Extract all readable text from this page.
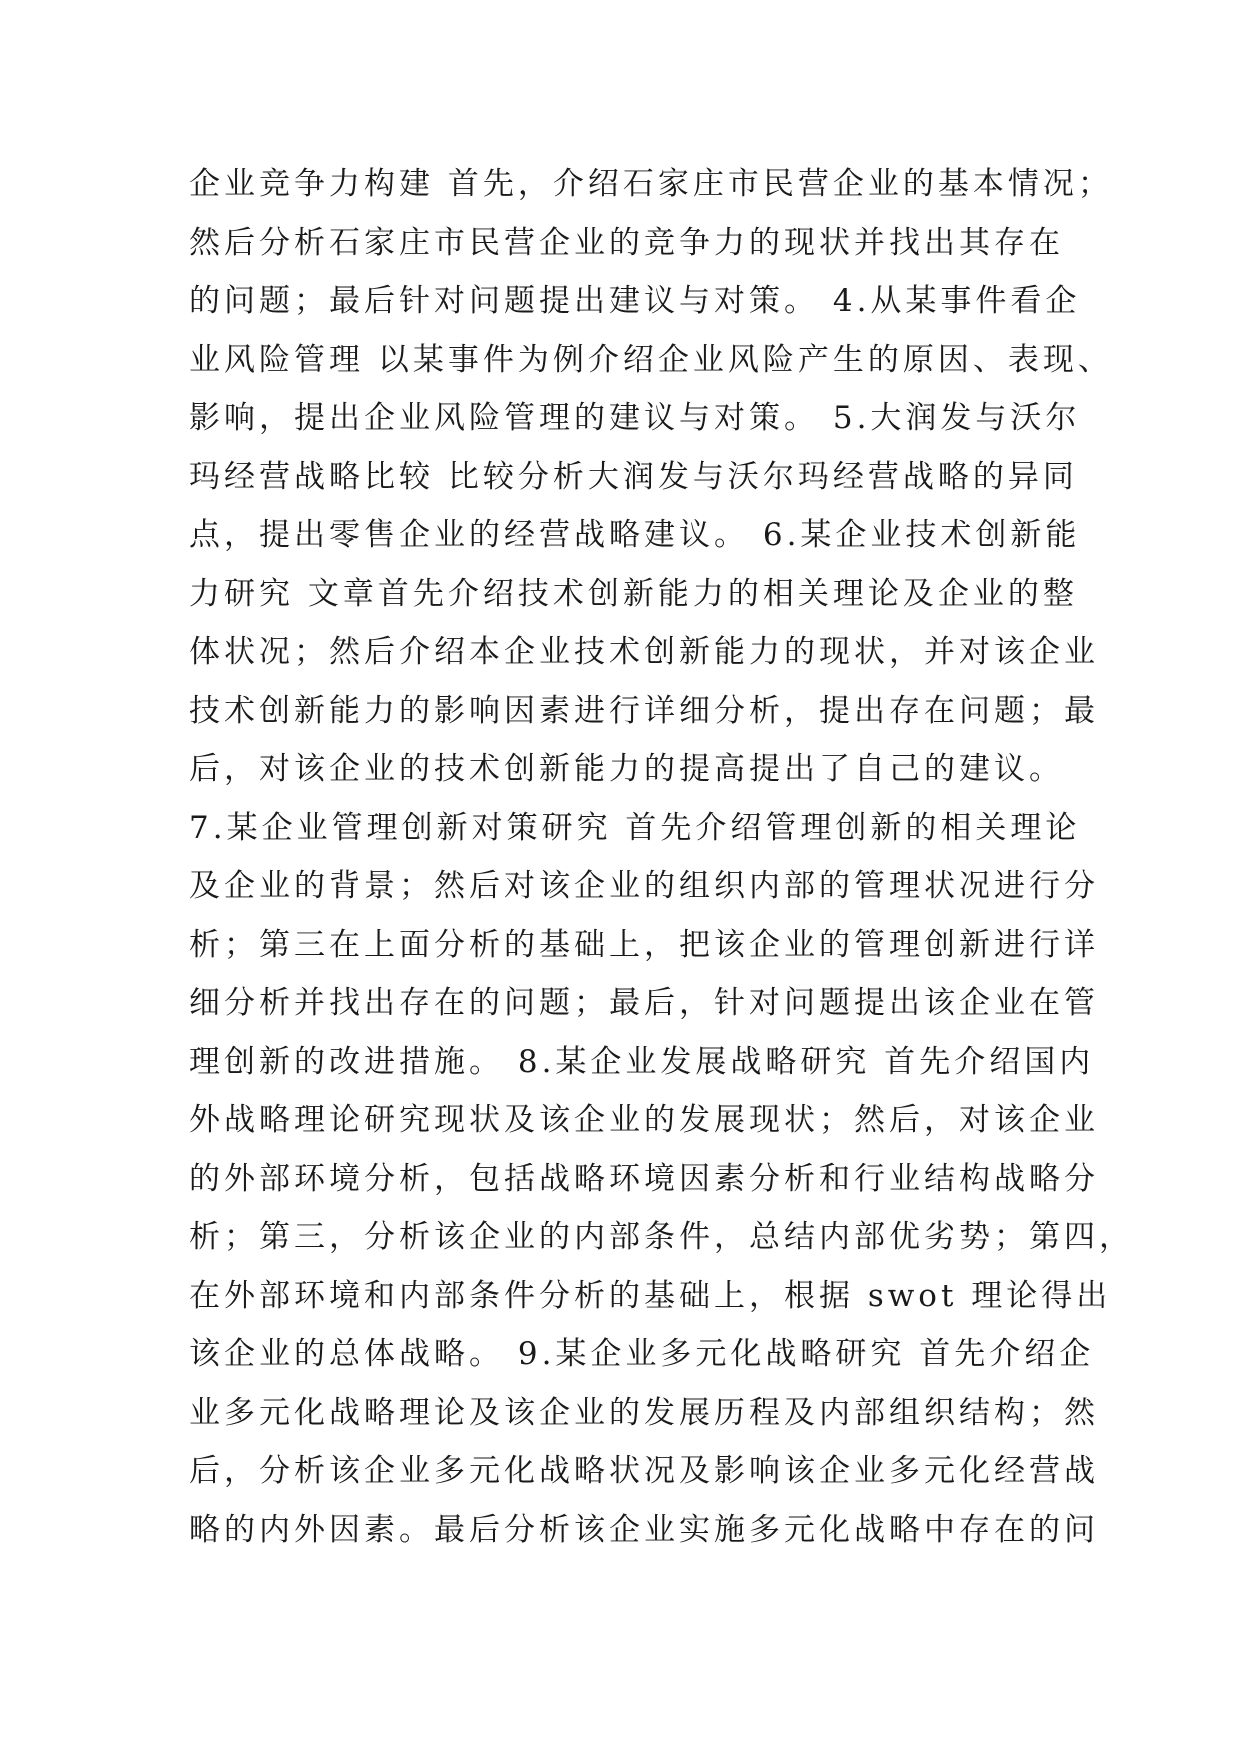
企业竞争力构建 首先，介绍石家庄市民营企业的基本情况；
然后分析石家庄市民营企业的竞争力的现状并找出其存在
的问题；最后针对问题提出建议与对策。 4.从某事件看企
业风险管理 以某事件为例介绍企业风险产生的原因、表现、
影响，提出企业风险管理的建议与对策。 5.大润发与沃尔
玛经营战略比较 比较分析大润发与沃尔玛经营战略的异同
点，提出零售企业的经营战略建议。 6.某企业技术创新能
力研究 文章首先介绍技术创新能力的相关理论及企业的整
体状况；然后介绍本企业技术创新能力的现状，并对该企业
技术创新能力的影响因素进行详细分析，提出存在问题；最
后，对该企业的技术创新能力的提高提出了自己的建议。
7.某企业管理创新对策研究 首先介绍管理创新的相关理论
及企业的背景；然后对该企业的组织内部的管理状况进行分
析；第三在上面分析的基础上，把该企业的管理创新进行详
细分析并找出存在的问题；最后，针对问题提出该企业在管
理创新的改进措施。 8.某企业发展战略研究 首先介绍国内
外战略理论研究现状及该企业的发展现状；然后，对该企业
的外部环境分析，包括战略环境因素分析和行业结构战略分
析；第三，分析该企业的内部条件，总结内部优劣势；第四，
在外部环境和内部条件分析的基础上，根据 swot 理论得出
该企业的总体战略。 9.某企业多元化战略研究 首先介绍企
业多元化战略理论及该企业的发展历程及内部组织结构；然
后，分析该企业多元化战略状况及影响该企业多元化经营战
略的内外因素。最后分析该企业实施多元化战略中存在的问
